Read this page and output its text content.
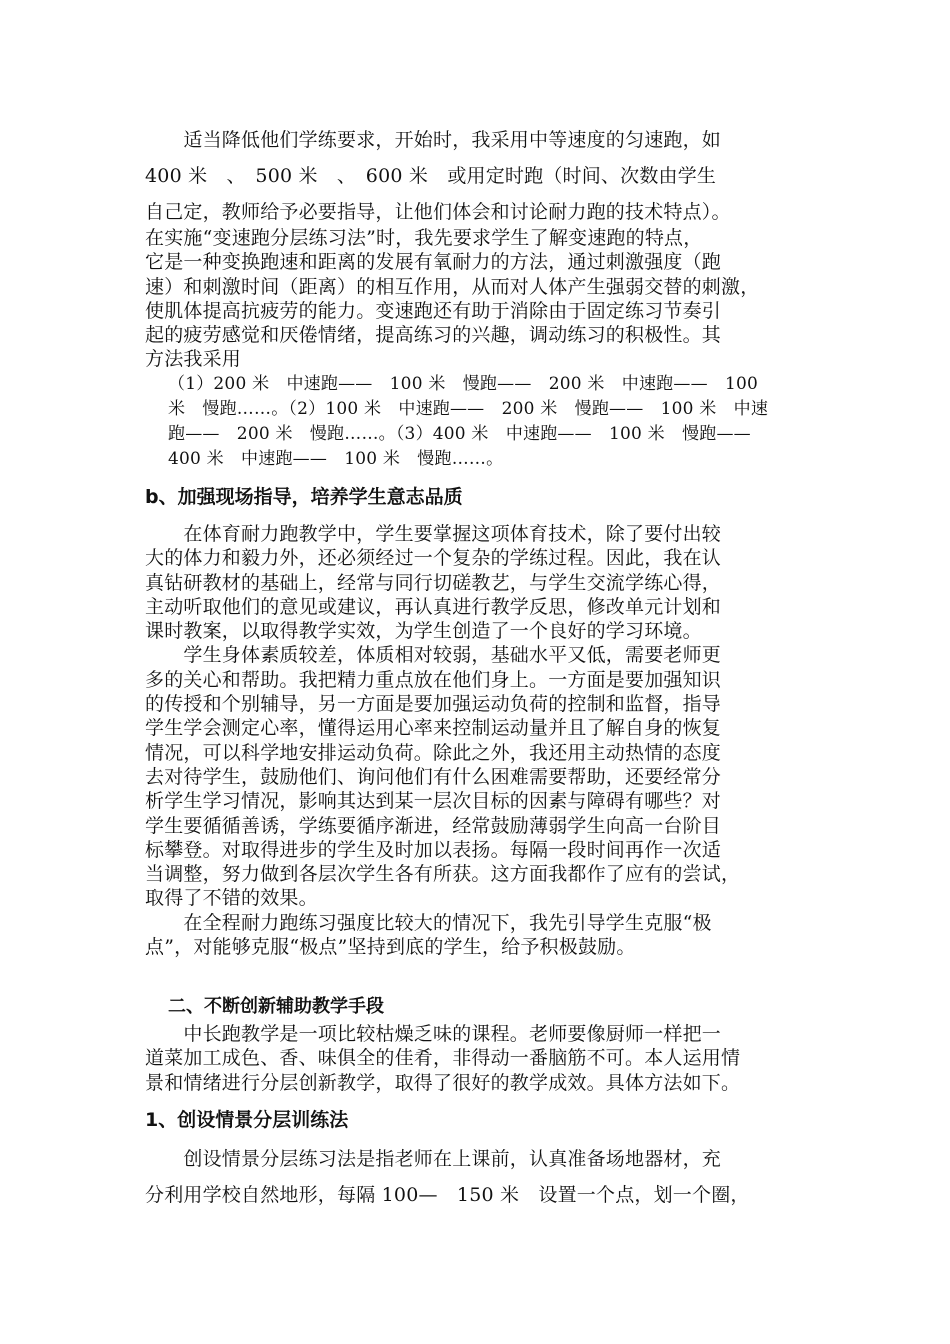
　　适当降低他们学练要求，开始时，我采用中等速度的匀速跑，如
400 米　、　500 米　、　600 米　或用定时跑（时间、次数由学生
自己定，教师给予必要指导，让他们体会和讨论耐力跑的技术特点）。

在实施“变速跑分层练习法”时，我先要求学生了解变速跑的特点，
它是一种变换跑速和距离的发展有氧耐力的方法，通过刺激强度（跑
速）和刺激时间（距离）的相互作用，从而对人体产生强弱交替的刺激，
使肌体提高抗疲劳的能力。变速跑还有助于消除由于固定练习节奏引
起的疲劳感觉和厌倦情绪，提高练习的兴趣，调动练习的积极性。其
方法我采用

（1）200 米　中速跑——　100 米　慢跑——　200 米　中速跑——　100
米　慢跑……。（2）100 米　中速跑——　200 米　慢跑——　100 米　中速
跑——　200 米　慢跑……。（3）400 米　中速跑——　100 米　慢跑——
400 米　中速跑——　100 米　慢跑……。

b、加强现场指导，培养学生意志品质

　　在体育耐力跑教学中，学生要掌握这项体育技术，除了要付出较
大的体力和毅力外，还必须经过一个复杂的学练过程。因此，我在认
真钻研教材的基础上，经常与同行切磋教艺，与学生交流学练心得，
主动听取他们的意见或建议，再认真进行教学反思，修改单元计划和
课时教案，以取得教学实效，为学生创造了一个良好的学习环境。
　　学生身体素质较差，体质相对较弱，基础水平又低，需要老师更
多的关心和帮助。我把精力重点放在他们身上。一方面是要加强知识
的传授和个别辅导，另一方面是要加强运动负荷的控制和监督，指导
学生学会测定心率，懂得运用心率来控制运动量并且了解自身的恢复
情况，可以科学地安排运动负荷。除此之外，我还用主动热情的态度
去对待学生，鼓励他们、询问他们有什么困难需要帮助，还要经常分
析学生学习情况，影响其达到某一层次目标的因素与障碍有哪些？对
学生要循循善诱，学练要循序渐进，经常鼓励薄弱学生向高一台阶目
标攀登。对取得进步的学生及时加以表扬。每隔一段时间再作一次适
当调整，努力做到各层次学生各有所获。这方面我都作了应有的尝试，
取得了不错的效果。
　　在全程耐力跑练习强度比较大的情况下，我先引导学生克服“极
点”，对能够克服“极点”坚持到底的学生，给予积极鼓励。

二、不断创新辅助教学手段

　　中长跑教学是一项比较枯燥乏味的课程。老师要像厨师一样把一
道菜加工成色、香、味俱全的佳肴，非得动一番脑筋不可。本人运用情
景和情绪进行分层创新教学，取得了很好的教学成效。具体方法如下。

1、创设情景分层训练法

　　创设情景分层练习法是指老师在上课前，认真准备场地器材，充
分利用学校自然地形，每隔 100—　150 米　设置一个点，划一个圈，
